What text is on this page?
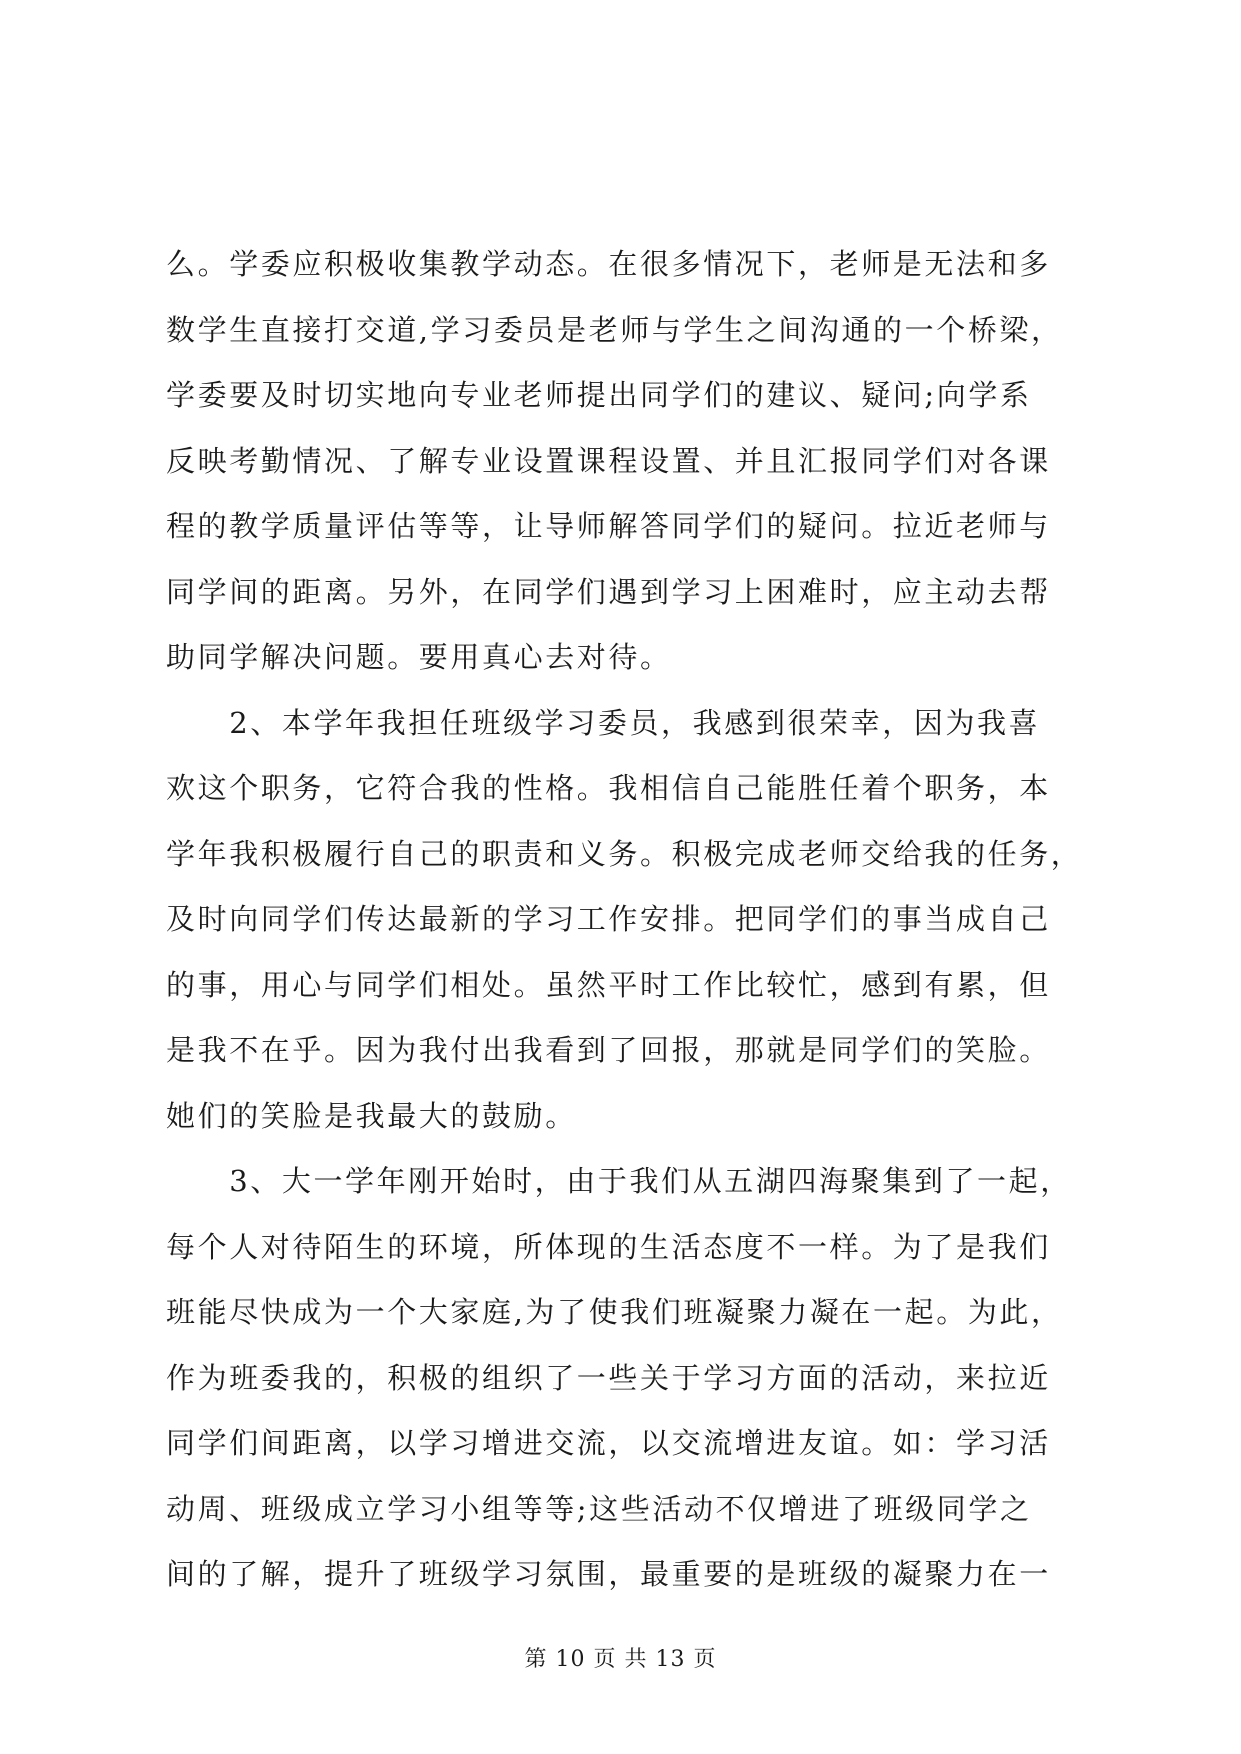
么。学委应积极收集教学动态。在很多情况下，老师是无法和多
数学生直接打交道,学习委员是老师与学生之间沟通的一个桥梁，
学委要及时切实地向专业老师提出同学们的建议、疑问;向学系
反映考勤情况、了解专业设置课程设置、并且汇报同学们对各课
程的教学质量评估等等，让导师解答同学们的疑问。拉近老师与
同学间的距离。另外，在同学们遇到学习上困难时，应主动去帮
助同学解决问题。要用真心去对待。
　　2、本学年我担任班级学习委员，我感到很荣幸，因为我喜
欢这个职务，它符合我的性格。我相信自己能胜任着个职务，本
学年我积极履行自己的职责和义务。积极完成老师交给我的任务，
及时向同学们传达最新的学习工作安排。把同学们的事当成自己
的事，用心与同学们相处。虽然平时工作比较忙，感到有累，但
是我不在乎。因为我付出我看到了回报，那就是同学们的笑脸。
她们的笑脸是我最大的鼓励。
　　3、大一学年刚开始时，由于我们从五湖四海聚集到了一起，
每个人对待陌生的环境，所体现的生活态度不一样。为了是我们
班能尽快成为一个大家庭,为了使我们班凝聚力凝在一起。为此，
作为班委我的，积极的组织了一些关于学习方面的活动，来拉近
同学们间距离，以学习增进交流，以交流增进友谊。如：学习活
动周、班级成立学习小组等等;这些活动不仅增进了班级同学之
间的了解，提升了班级学习氛围，最重要的是班级的凝聚力在一
第 10 页 共 13 页
